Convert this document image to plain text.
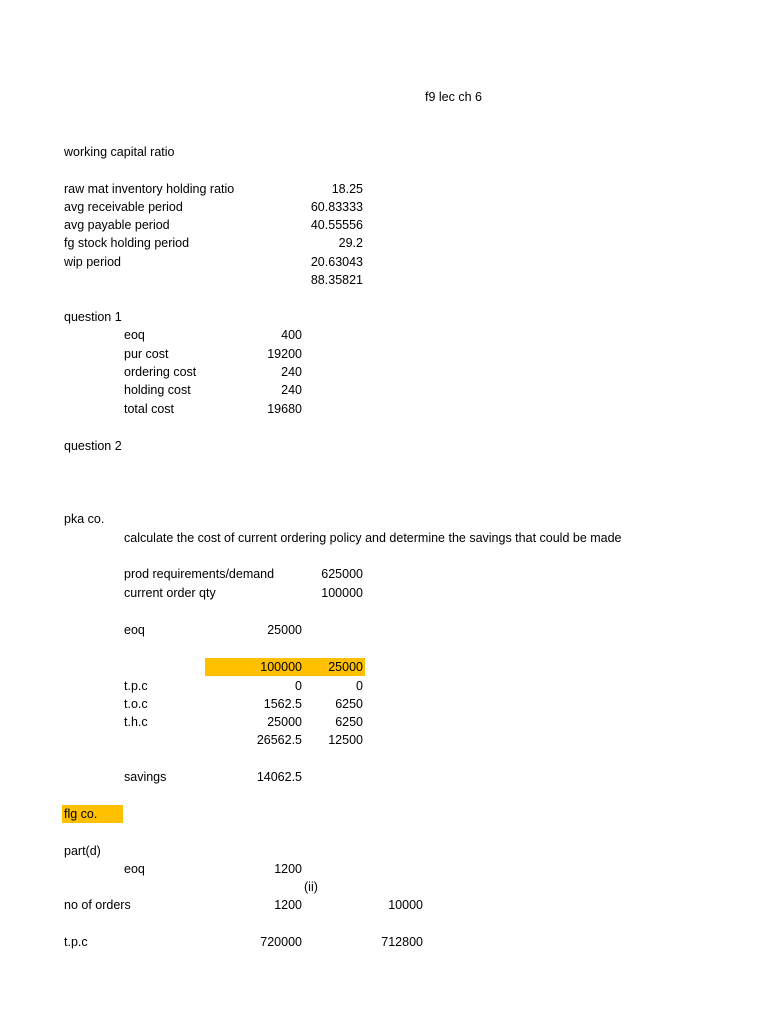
f9 lec ch 6
working capital ratio
raw mat inventory holding ratio	18.25
avg receivable period	60.83333
avg payable period	40.55556
fg stock holding period	29.2
wip period	20.63043
88.35821
question 1
eoq	400
pur cost	19200
ordering cost	240
holding cost	240
total cost	19680
question 2
pka co.
calculate the cost of current ordering policy and determine the savings that could be made
prod requirements/demand	625000
current order qty	100000
eoq	25000
100000	25000
t.p.c	0	0
t.o.c	1562.5	6250
t.h.c	25000	6250
26562.5	12500
savings	14062.5
flg co.
part(d)
eoq	1200
(ii)
no of orders	1200	10000
t.p.c	720000	712800
